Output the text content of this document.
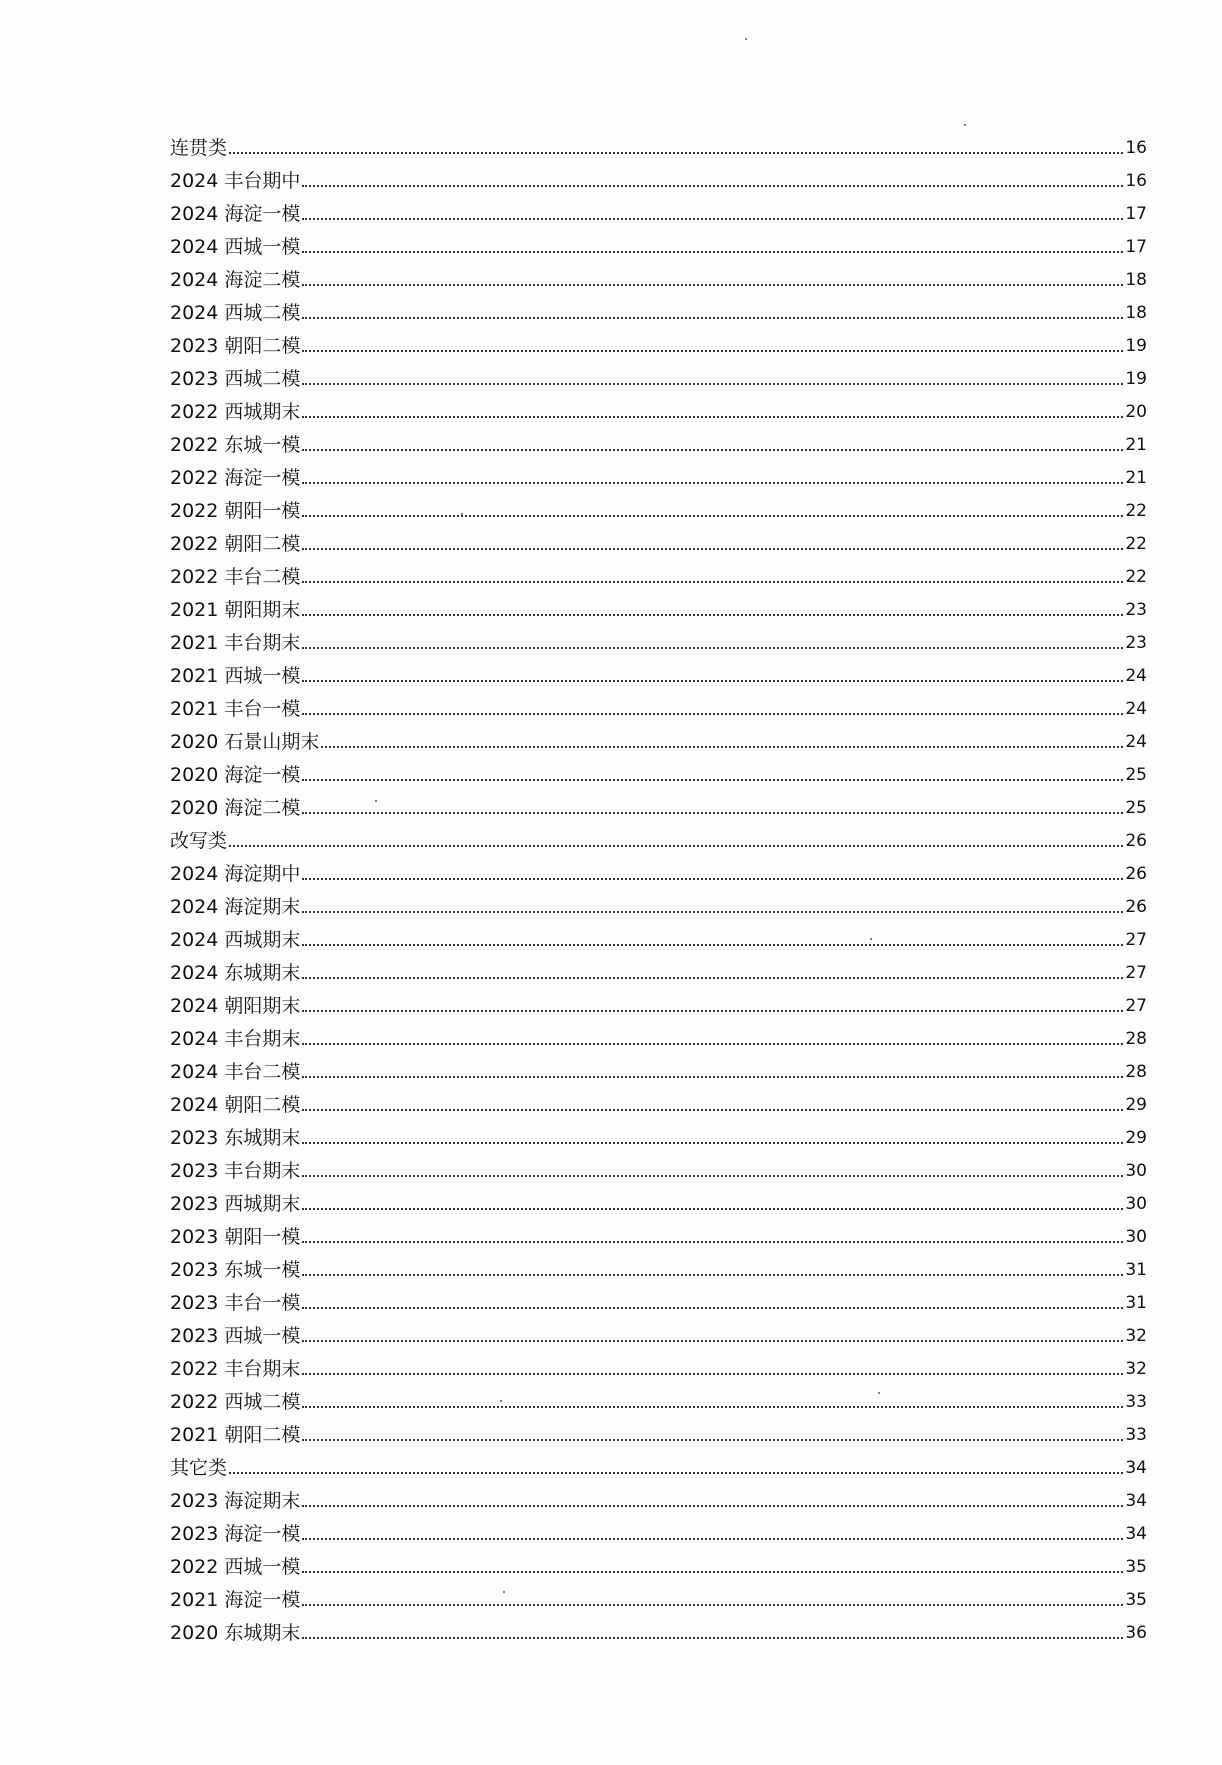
连贯类	16
2024 丰台期中	16
2024 海淀一模	17
2024 西城一模	17
2024 海淀二模	18
2024 西城二模	18
2023 朝阳二模	19
2023 西城二模	19
2022 西城期末	20
2022 东城一模	21
2022 海淀一模	21
2022 朝阳一模	22
2022 朝阳二模	22
2022 丰台二模	22
2021 朝阳期末	23
2021 丰台期末	23
2021 西城一模	24
2021 丰台一模	24
2020 石景山期末	24
2020 海淀一模	25
2020 海淀二模	25
改写类	26
2024 海淀期中	26
2024 海淀期末	26
2024 西城期末	27
2024 东城期末	27
2024 朝阳期末	27
2024 丰台期末	28
2024 丰台二模	28
2024 朝阳二模	29
2023 东城期末	29
2023 丰台期末	30
2023 西城期末	30
2023 朝阳一模	30
2023 东城一模	31
2023 丰台一模	31
2023 西城一模	32
2022 丰台期末	32
2022 西城二模	33
2021 朝阳二模	33
其它类	34
2023 海淀期末	34
2023 海淀一模	34
2022 西城一模	35
2021 海淀一模	35
2020 东城期末	36
